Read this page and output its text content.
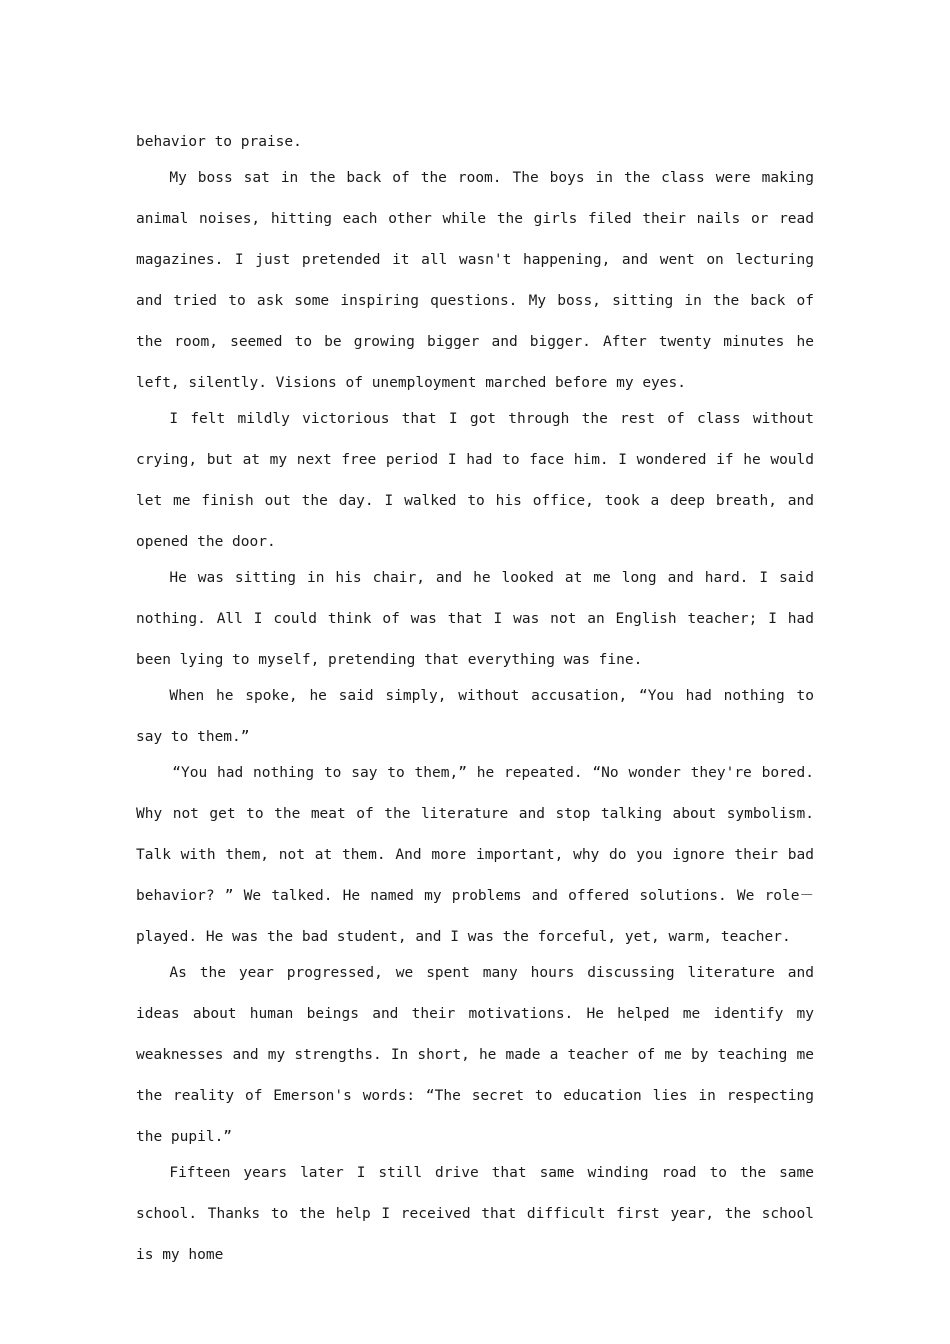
behavior to praise.

My boss sat in the back of the room. The boys in the class were making animal noises, hitting each other while the girls filed their nails or read magazines. I just pretended it all wasn't happening, and went on lecturing and tried to ask some inspiring questions. My boss, sitting in the back of the room, seemed to be growing bigger and bigger. After twenty minutes he left, silently. Visions of unemployment marched before my eyes.

I felt mildly victorious that I got through the rest of class without crying, but at my next free period I had to face him. I wondered if he would let me finish out the day. I walked to his office, took a deep breath, and opened the door.

He was sitting in his chair, and he looked at me long and hard. I said nothing. All I could think of was that I was not an English teacher; I had been lying to myself, pretending that everything was fine.

When he spoke, he said simply, without accusation, “You had nothing to say to them.”

“You had nothing to say to them,” he repeated. “No wonder they're bored. Why not get to the meat of the literature and stop talking about symbolism. Talk with them, not at them. And more important, why do you ignore their bad behavior? ” We talked. He named my problems and offered solutions. We role－played. He was the bad student, and I was the forceful, yet, warm, teacher.

As the year progressed, we spent many hours discussing literature and ideas about human beings and their motivations. He helped me identify my weaknesses and my strengths. In short, he made a teacher of me by teaching me the reality of Emerson's words: “The secret to education lies in respecting the pupil.”

Fifteen years later I still drive that same winding road to the same school. Thanks to the help I received that difficult first year, the school is my home
